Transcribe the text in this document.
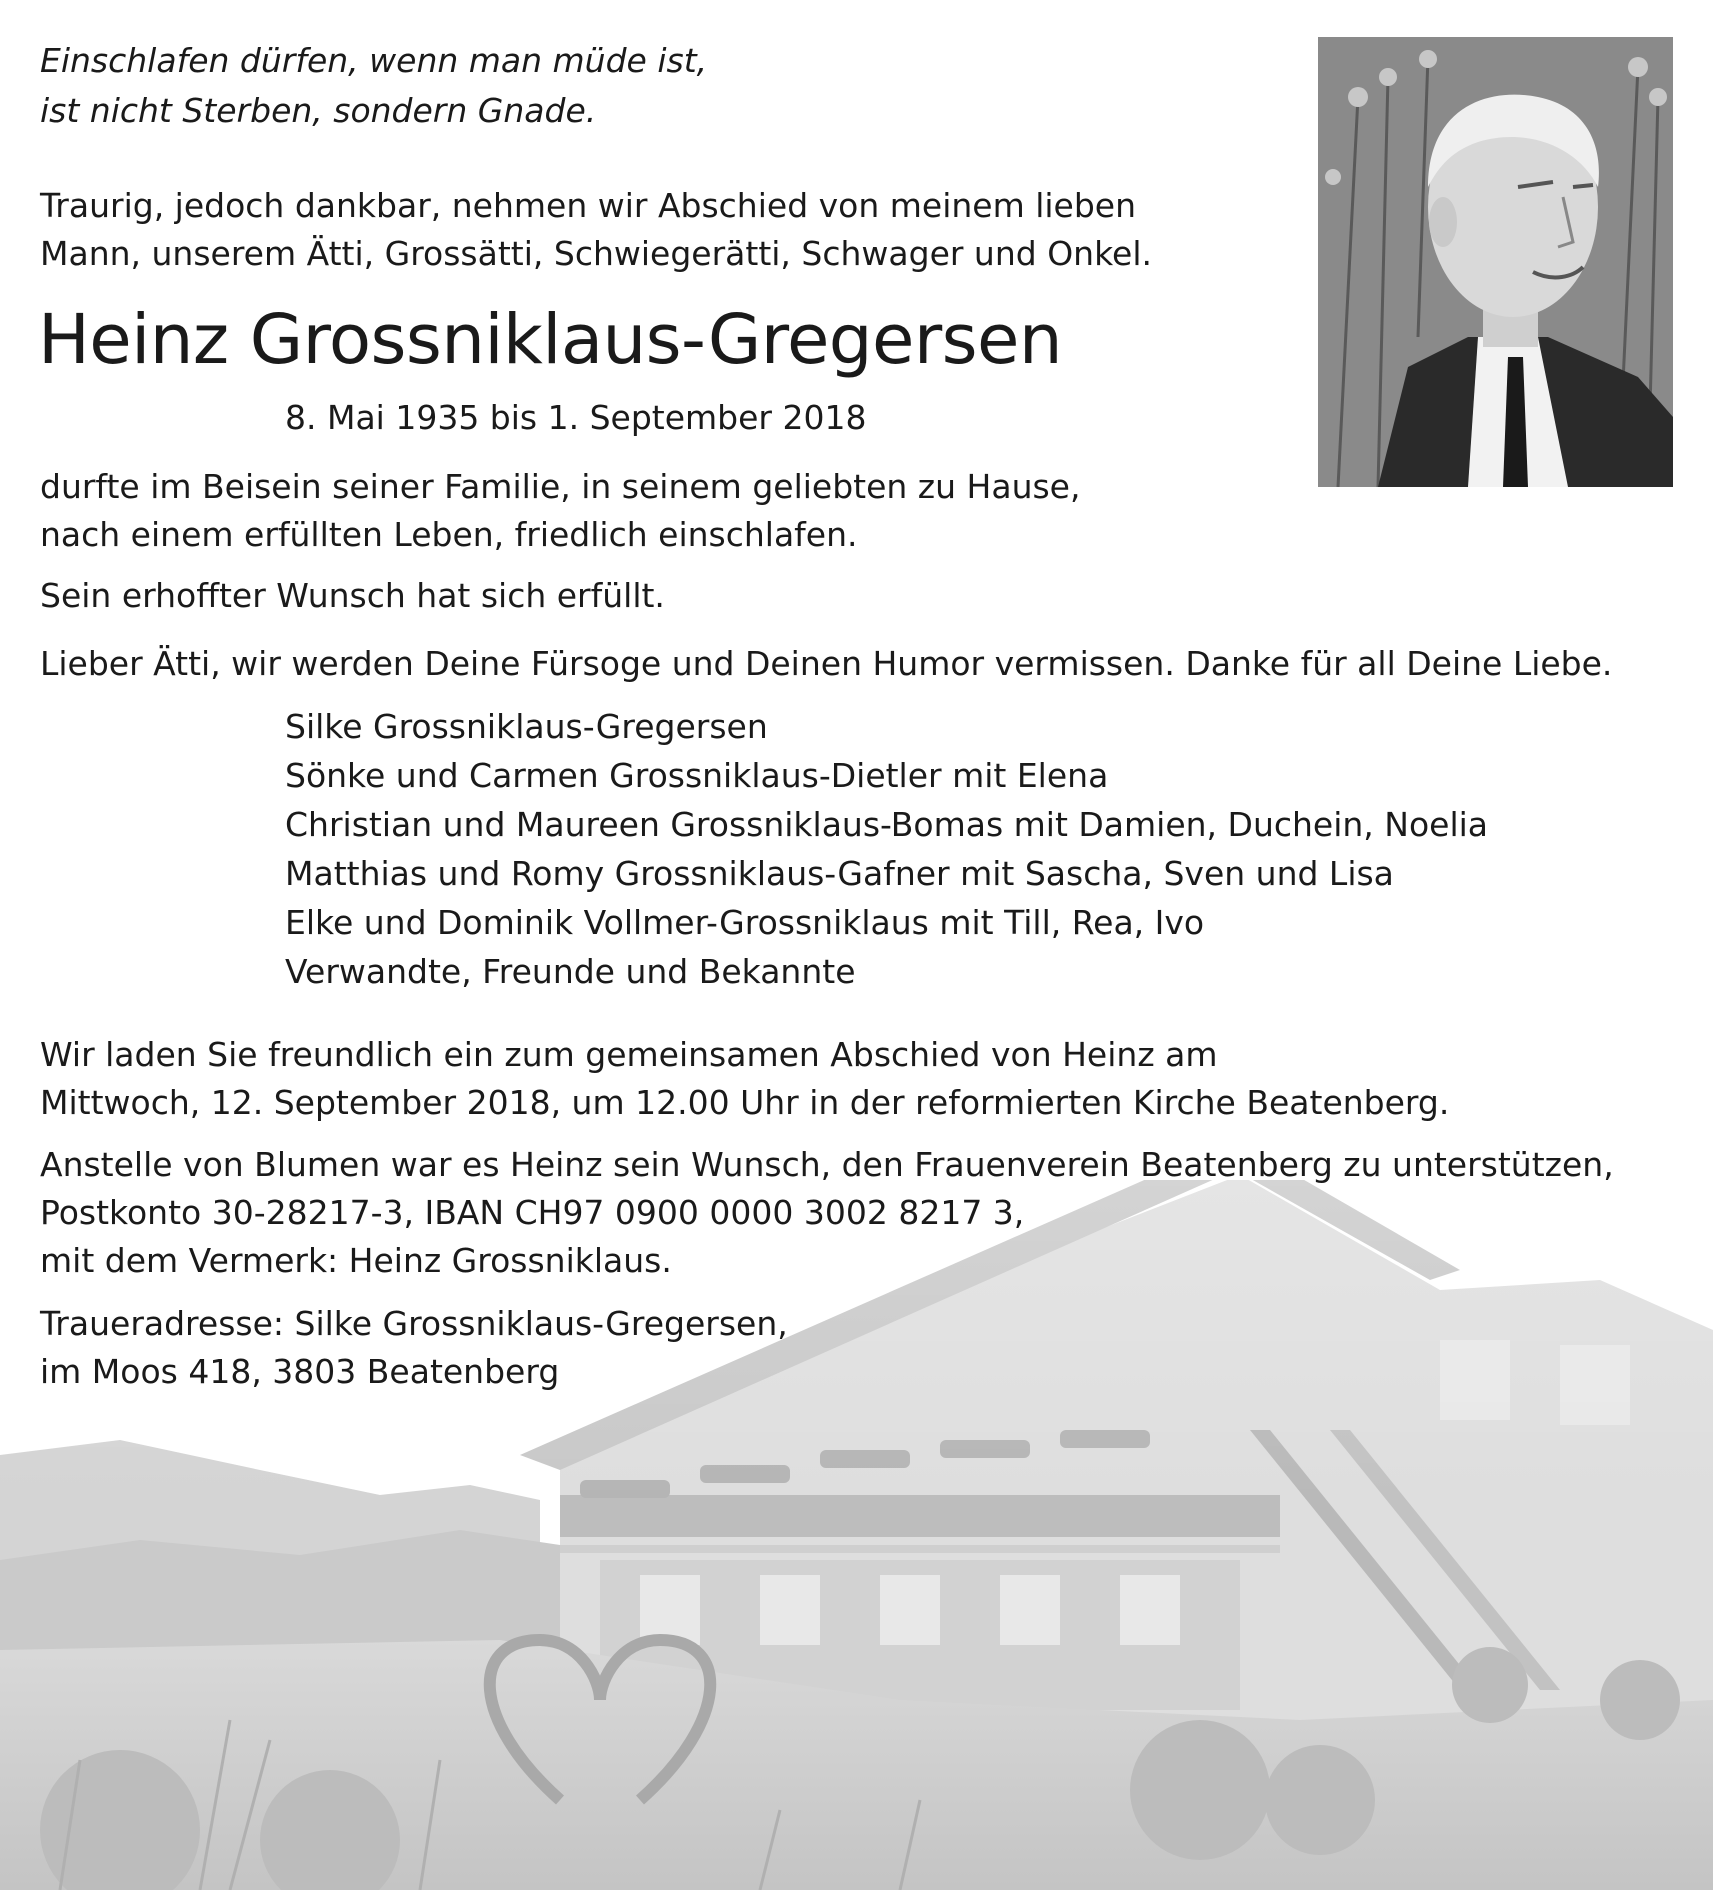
Einschlafen dürfen, wenn man müde ist,
ist nicht Sterben, sondern Gnade.
Traurig, jedoch dankbar, nehmen wir Abschied von meinem lieben
Mann, unserem Ätti, Grossätti, Schwiegerätti, Schwager und Onkel.
Heinz Grossniklaus-Gregersen
8. Mai 1935 bis 1. September 2018
durfte im Beisein seiner Familie, in seinem geliebten zu Hause,
nach einem erfüllten Leben, friedlich einschlafen.
Sein erhoffter Wunsch hat sich erfüllt.
Lieber Ätti, wir werden Deine Fürsoge und Deinen Humor vermissen. Danke für all Deine Liebe.
Silke Grossniklaus-Gregersen
Sönke und Carmen Grossniklaus-Dietler mit Elena
Christian und Maureen Grossniklaus-Bomas mit Damien, Duchein, Noelia
Matthias und Romy Grossniklaus-Gafner mit Sascha, Sven und Lisa
Elke und Dominik Vollmer-Grossniklaus mit Till, Rea, Ivo
Verwandte, Freunde und Bekannte
Wir laden Sie freundlich ein zum gemeinsamen Abschied von Heinz am
Mittwoch, 12. September 2018, um 12.00 Uhr in der reformierten Kirche Beatenberg.
Anstelle von Blumen war es Heinz sein Wunsch, den Frauenverein Beatenberg zu unterstützen,
Postkonto 30-28217-3, IBAN CH97 0900 0000 3002 8217 3,
mit dem Vermerk: Heinz Grossniklaus.
Traueradresse: Silke Grossniklaus-Gregersen,
im Moos 418, 3803 Beatenberg
